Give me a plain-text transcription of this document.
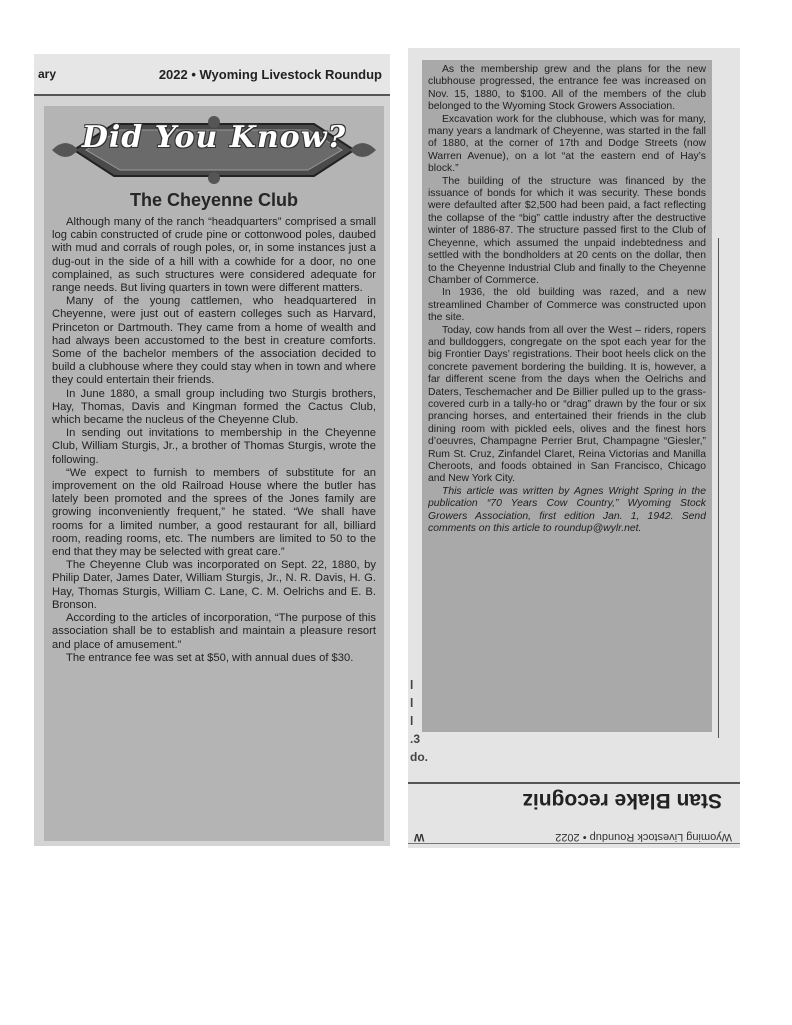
ary	2022 • Wyoming Livestock Roundup
Did You Know?
The Cheyenne Club

Although many of the ranch “headquarters” comprised a small log cabin constructed of crude pine or cottonwood poles, daubed with mud and corrals of rough poles, or, in some instances just a dug-out in the side of a hill with a cowhide for a door, no one complained, as such structures were considered adequate for range needs. But living quarters in town were different matters.

Many of the young cattlemen, who headquartered in Cheyenne, were just out of eastern colleges such as Harvard, Princeton or Dartmouth. They came from a home of wealth and had always been accustomed to the best in creature comforts. Some of the bachelor members of the association decided to build a clubhouse where they could stay when in town and where they could entertain their friends.

In June 1880, a small group including two Sturgis brothers, Hay, Thomas, Davis and Kingman formed the Cactus Club, which became the nucleus of the Cheyenne Club.

In sending out invitations to membership in the Cheyenne Club, William Sturgis, Jr., a brother of Thomas Sturgis, wrote the following.

“We expect to furnish to members of substitute for an improvement on the old Railroad House where the butler has lately been promoted and the sprees of the Jones family are growing inconveniently frequent,” he stated. “We shall have rooms for a limited number, a good restaurant for all, billiard room, reading rooms, etc. The numbers are limited to 50 to the end that they may be selected with great care.”

The Cheyenne Club was incorporated on Sept. 22, 1880, by Philip Dater, James Dater, William Sturgis, Jr., N. R. Davis, H. G. Hay, Thomas Sturgis, William C. Lane, C. M. Oelrichs and E. B. Bronson.

According to the articles of incorporation, “The purpose of this association shall be to establish and maintain a pleasure resort and place of amusement.”

The entrance fee was set at $50, with annual dues of $30.

As the membership grew and the plans for the new clubhouse progressed, the entrance fee was increased on Nov. 15, 1880, to $100. All of the members of the club belonged to the Wyoming Stock Growers Association.

Excavation work for the clubhouse, which was for many, many years a landmark of Cheyenne, was started in the fall of 1880, at the corner of 17th and Dodge Streets (now Warren Avenue), on a lot “at the eastern end of Hay’s block.”

The building of the structure was financed by the issuance of bonds for which it was security. These bonds were defaulted after $2,500 had been paid, a fact reflecting the collapse of the “big” cattle industry after the destructive winter of 1886-87. The structure passed first to the Club of Cheyenne, which assumed the unpaid indebtedness and settled with the bondholders at 20 cents on the dollar, then to the Cheyenne Industrial Club and finally to the Cheyenne Chamber of Commerce.

In 1936, the old building was razed, and a new streamlined Chamber of Commerce was constructed upon the site.

Today, cow hands from all over the West – riders, ropers and bulldoggers, congregate on the spot each year for the big Frontier Days’ registrations. Their boot heels click on the concrete pavement bordering the building. It is, however, a far different scene from the days when the Oelrichs and Daters, Teschemacher and De Billier pulled up to the grass-covered curb in a tally-ho or “drag” drawn by the four or six prancing horses, and entertained their friends in the club dining room with pickled eels, olives and the finest hors d’oeuvres, Champagne Perrier Brut, Champagne “Giesler,” Rum St. Cruz, Zinfandel Claret, Reina Victorias and Manilla Cheroots, and foods obtained in San Francisco, Chicago and New York City.

This article was written by Agnes Wright Spring in the publication “70 Years Cow Country,” Wyoming Stock Growers Association, first edition Jan. 1, 1942. Send comments on this article to roundup@wylr.net.

l
l
l
.3
do.
Stan Blake recogniz
W	Wyoming Livestock Roundup • 2022
